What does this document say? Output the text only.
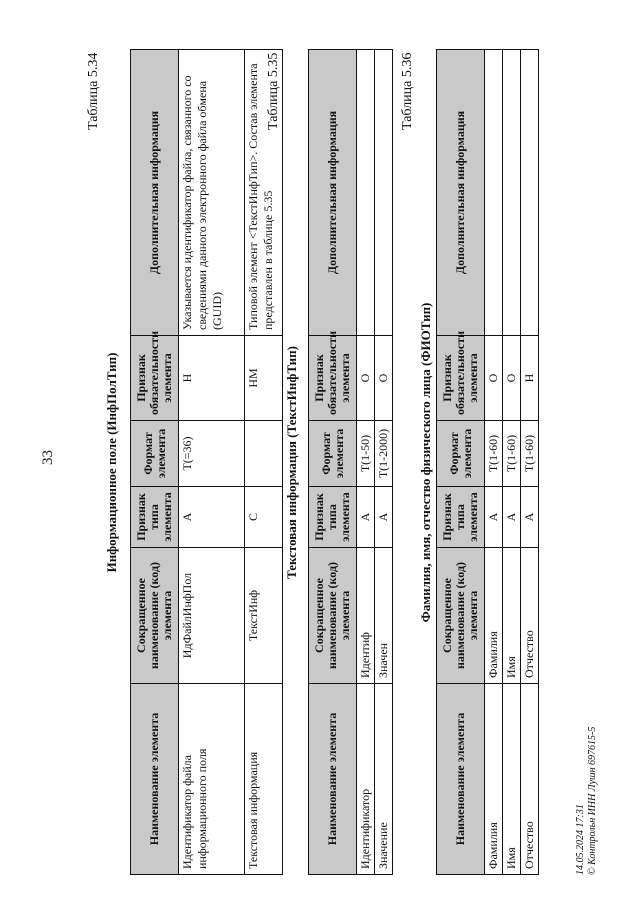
33
Таблица 5.34
Информационное поле (ИнфПолТип)
Наименование элемента	Сокращенное наименование (код) элемента	Признак типа элемента	Формат элемента	Признак обязательности элемента	Дополнительная информация
Идентификатор файла информационного поля	ИдФайлИнфПол	А	T(=36)	Н	Указывается идентификатор файла, связанного со сведениями данного электронного файла обмена (GUID)
Текстовая информация	ТекстИнф	С		НМ	Типовой элемент <ТекстИнфТип>. Состав элемента представлен в таблице 5.35
Таблица 5.35
Текстовая информация (ТекстИнфТип)
Наименование элемента	Сокращенное наименование (код) элемента	Признак типа элемента	Формат элемента	Признак обязательности элемента	Дополнительная информация
Идентификатор	Идентиф	А	T(1-50)	О	
Значение	Значен	А	T(1-2000)	О	
Таблица 5.36
Фамилия, имя, отчество физического лица (ФИОТип)
Наименование элемента	Сокращенное наименование (код) элемента	Признак типа элемента	Формат элемента	Признак обязательности элемента	Дополнительная информация
Фамилия	Фамилия	А	T(1-60)	О	
Имя	Имя	А	T(1-60)	О	
Отчество	Отчество	А	T(1-60)	Н	
14.05.2024 17:31 © Контрольн ИНН Лушн 697615-5
